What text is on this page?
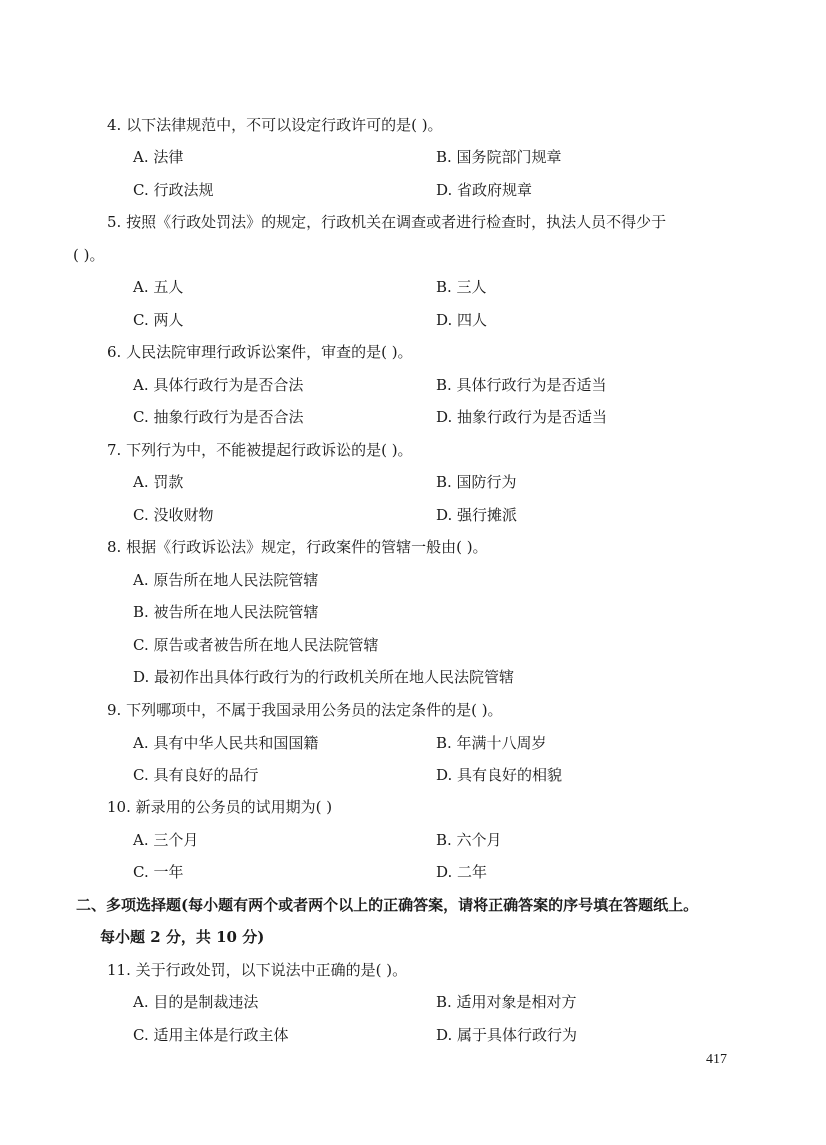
4. 以下法律规范中，不可以设定行政许可的是( )。
A. 法律	B. 国务院部门规章
C. 行政法规	D. 省政府规章
5. 按照《行政处罚法》的规定，行政机关在调查或者进行检查时，执法人员不得少于
( )。
A. 五人	B. 三人
C. 两人	D. 四人
6. 人民法院审理行政诉讼案件，审查的是( )。
A. 具体行政行为是否合法	B. 具体行政行为是否适当
C. 抽象行政行为是否合法	D. 抽象行政行为是否适当
7. 下列行为中，不能被提起行政诉讼的是( )。
A. 罚款	B. 国防行为
C. 没收财物	D. 强行摊派
8. 根据《行政诉讼法》规定，行政案件的管辖一般由( )。
A. 原告所在地人民法院管辖
B. 被告所在地人民法院管辖
C. 原告或者被告所在地人民法院管辖
D. 最初作出具体行政行为的行政机关所在地人民法院管辖
9. 下列哪项中，不属于我国录用公务员的法定条件的是( )。
A. 具有中华人民共和国国籍	B. 年满十八周岁
C. 具有良好的品行	D. 具有良好的相貌
10. 新录用的公务员的试用期为( )
A. 三个月	B. 六个月
C. 一年	D. 二年
二、多项选择题(每小题有两个或者两个以上的正确答案，请将正确答案的序号填在答题纸上。
每小题 2 分，共 10 分)
11. 关于行政处罚，以下说法中正确的是( )。
A. 目的是制裁违法	B. 适用对象是相对方
C. 适用主体是行政主体	D. 属于具体行政行为
417
